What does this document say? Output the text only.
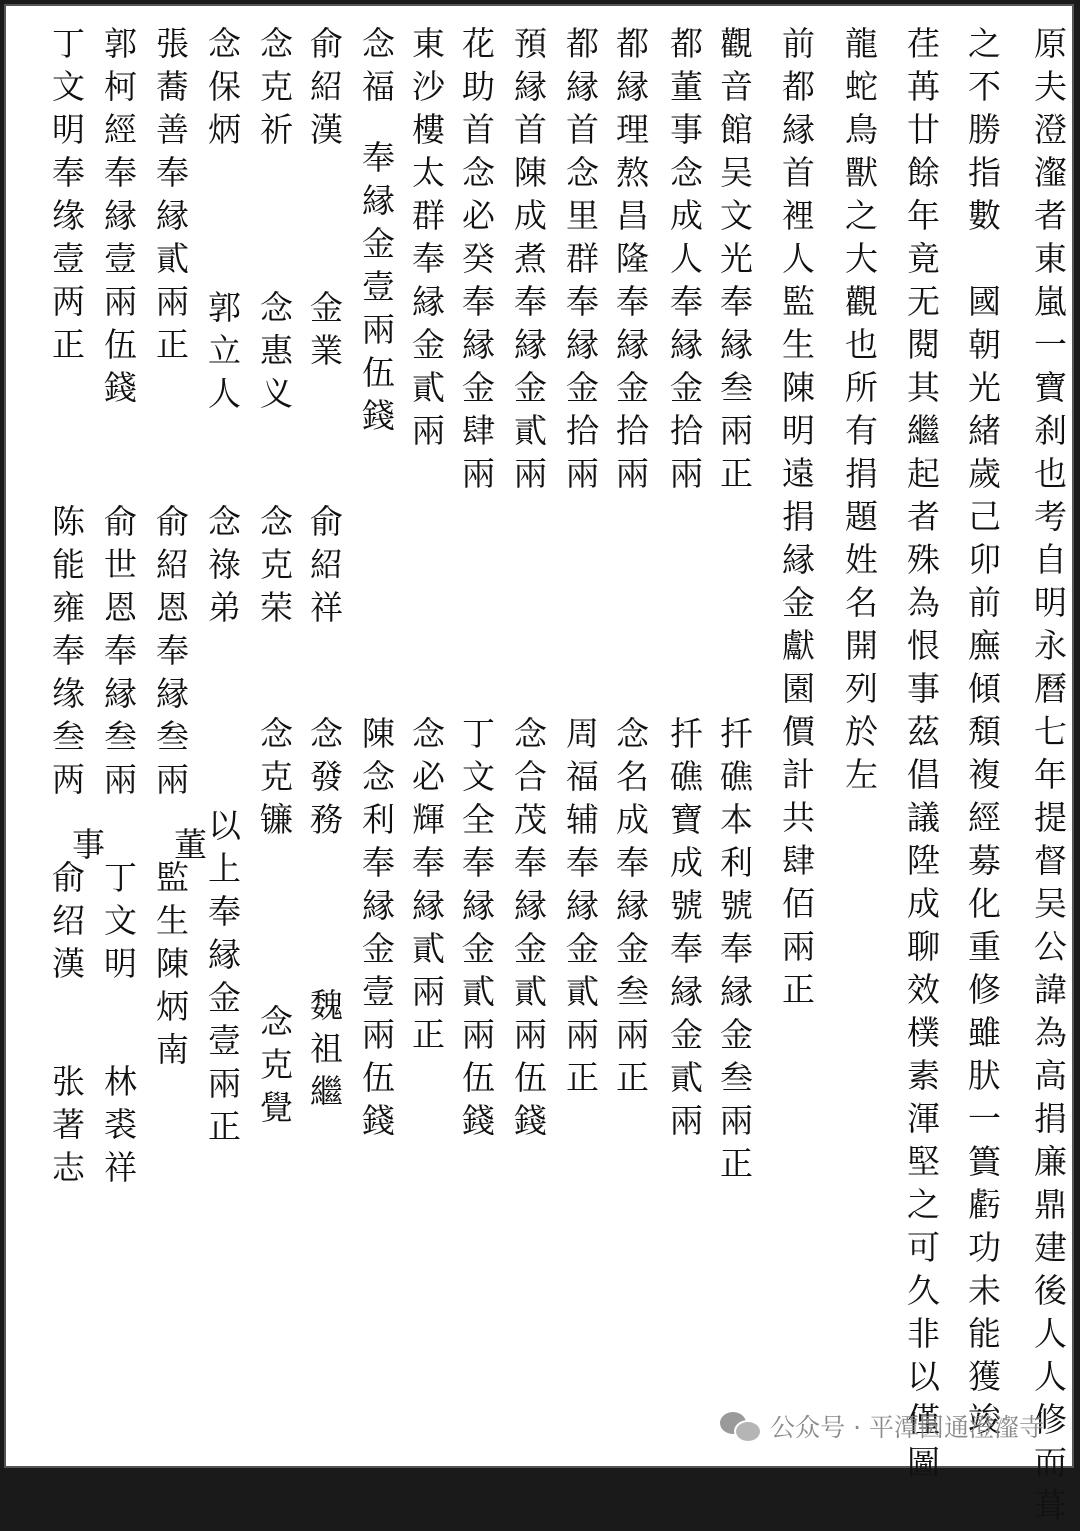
原夫澄瀣者東嵐一寶刹也考自明永曆七年提督吴公諱為高捐廉鼎建後人人修而葺
之不勝指數　國朝光緒歲己卯前廡傾頽複經募化重修雖肰一簣虧功未能獲竣
荏苒廿餘年竟无閱其繼起者殊為恨事茲倡議陞成聊效樸素渾堅之可久非以僅圖
龍蛇鳥獸之大觀也所有捐題姓名開列於左
前都縁首裡人監生陳明遠捐縁金獻園價計共肆佰兩正
觀音館吴文光奉縁叁兩正
都董事念成人奉縁金拾兩
都縁理熬昌隆奉縁金拾兩
都縁首念里群奉縁金拾兩
預縁首陳成煮奉縁金貳兩
花助首念必癸奉縁金肆兩
東沙樓太群奉縁金貳兩
念福
奉縁金壹兩伍錢
俞紹漢
金業
念克祈
念惠义
念保炳
郭立人
張蕎善奉縁貳兩正
郭柯經奉縁壹兩伍錢
丁文明奉缘壹两正
扦礁本利號奉縁金叁兩正
扦礁寶成號奉縁金貳兩
念名成奉縁金叁兩正
周福辅奉縁金貳兩正
念合茂奉縁金貳兩伍錢
丁文全奉縁金貳兩伍錢
念必輝奉縁貳兩正
陳念利奉縁金壹兩伍錢
俞紹祥
念發務
魏祖繼
念克荣
念克镰
念克覺
念祿弟
以上奉縁金壹兩正
俞紹恩奉縁叁兩
監生陳炳南
俞世恩奉縁叁兩
丁文明
林裘祥
陈能雍奉缘叁两
俞绍漢
张著志
事　董
公众号 · 平潭圆通澄瀣寺
